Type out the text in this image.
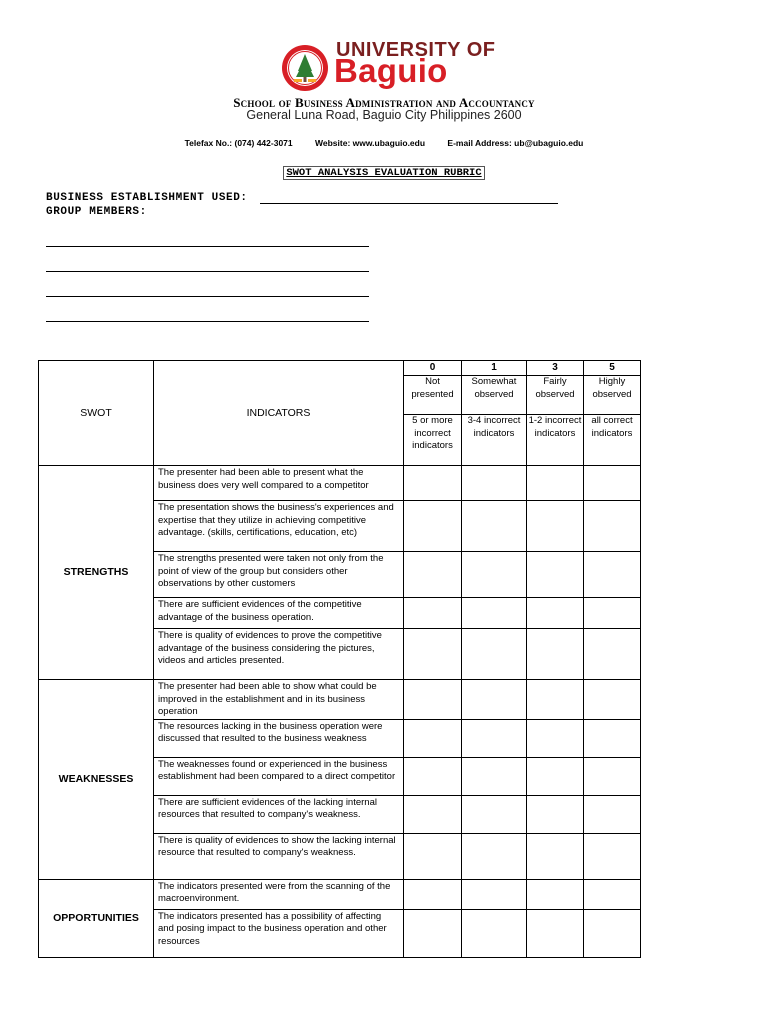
UNIVERSITY OF
Baguio
School of Business Administration and Accountancy
General Luna Road, Baguio City Philippines 2600
Telefax No.: (074) 442-3071	Website: www.ubaguio.edu	E-mail Address: ub@ubaguio.edu
SWOT ANALYSIS EVALUATION RUBRIC
BUSINESS ESTABLISHMENT USED:
GROUP MEMBERS:
SWOT	INDICATORS	0	1	3	5
		Not presented	Somewhat observed	Fairly observed	Highly observed
		5 or more incorrect indicators	3-4 incorrect indicators	1-2 incorrect indicators	all correct indicators
STRENGTHS	The presenter had been able to present what the business does very well compared to a competitor				
	The presentation shows the business's experiences and expertise that they utilize in achieving competitive advantage. (skills, certifications, education, etc)				
	The strengths presented were taken not only from the point of view of the group but considers other observations by other customers				
	There are sufficient evidences of the competitive advantage of the business operation.				
	There is quality of evidences to prove the competitive advantage of the business considering the pictures, videos and articles presented.				
WEAKNESSES	The presenter had been able to show what could be improved in the establishment and in its business operation				
	The resources lacking in the business operation were discussed that resulted to the business weakness				
	The weaknesses found or experienced in the business establishment had been compared to a direct competitor				
	There are sufficient evidences of the lacking internal resources that resulted to company's weakness.				
	There is quality of evidences to show the lacking internal resource that resulted to company's weakness.				
OPPORTUNITIES	The indicators presented were from the scanning of the macroenvironment.				
	The indicators presented has a possibility of affecting and posing impact to the business operation and other resources				
